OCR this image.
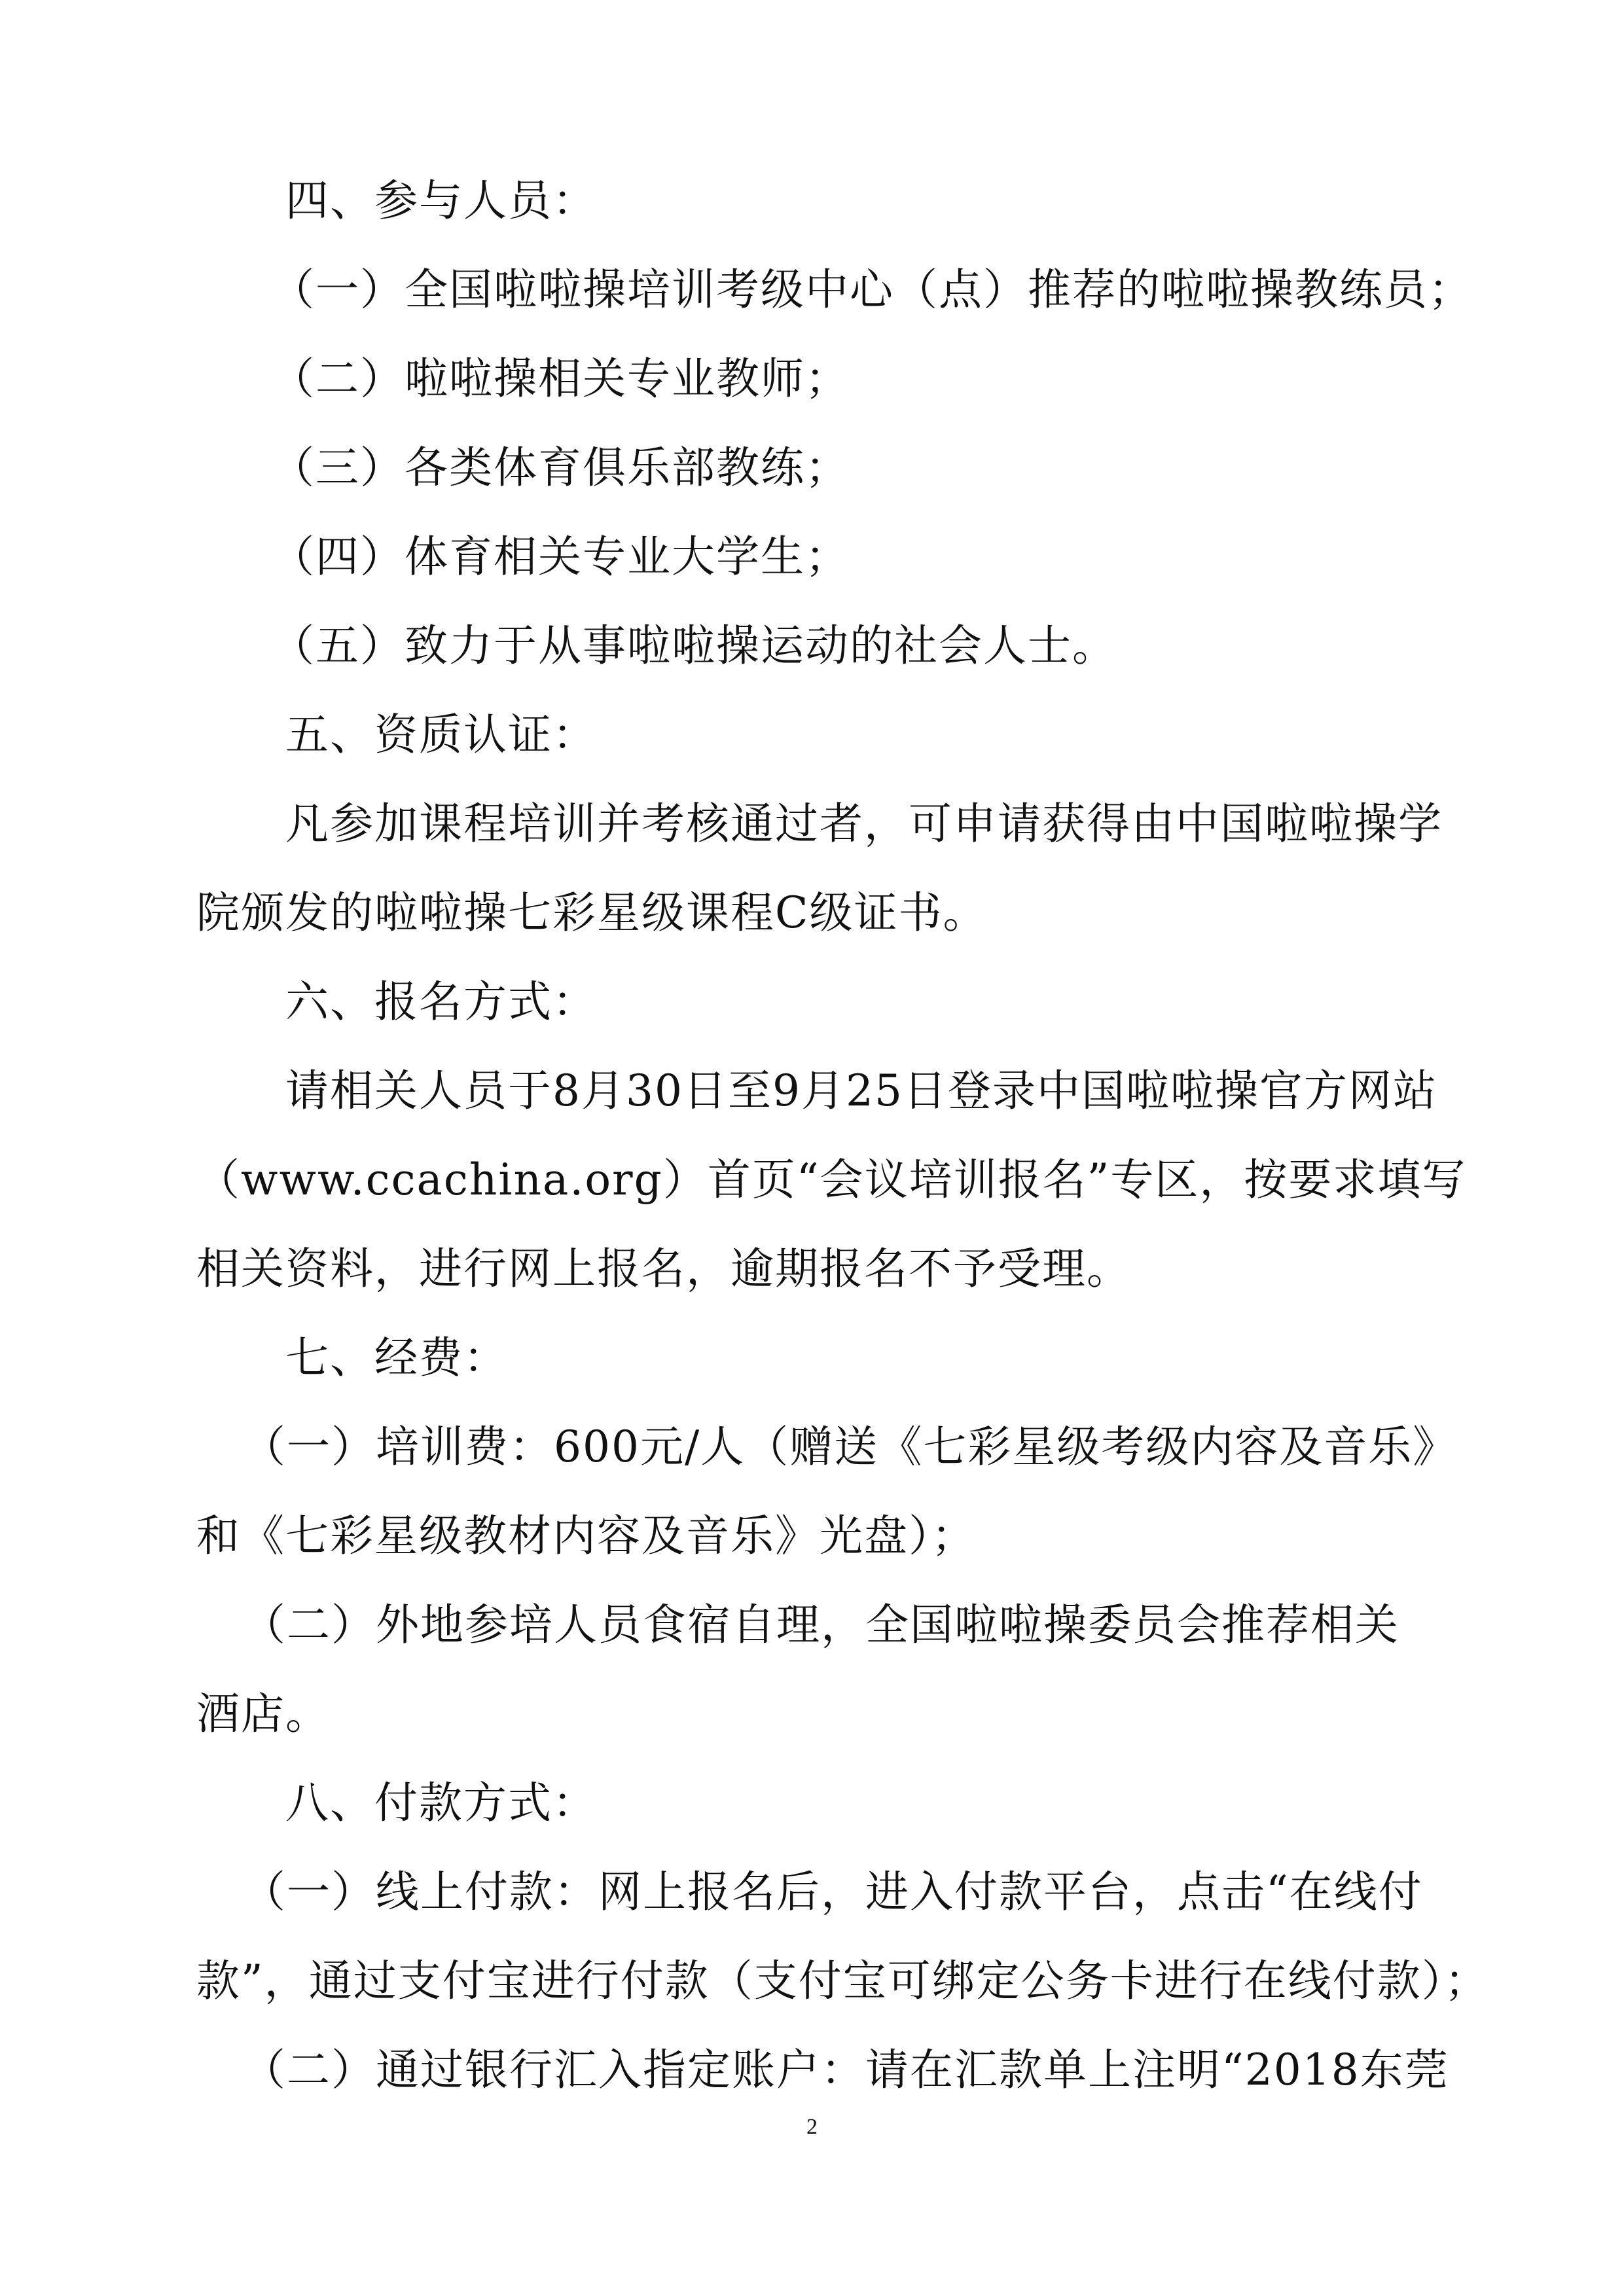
四、参与人员：
（一）全国啦啦操培训考级中心（点）推荐的啦啦操教练员；
（二）啦啦操相关专业教师；
（三）各类体育俱乐部教练；
（四）体育相关专业大学生；
（五）致力于从事啦啦操运动的社会人士。
五、资质认证：
凡参加课程培训并考核通过者，可申请获得由中国啦啦操学
院颁发的啦啦操七彩星级课程C级证书。
六、报名方式：
请相关人员于8月30日至9月25日登录中国啦啦操官方网站
（www.ccachina.org）首页“会议培训报名”专区，按要求填写
相关资料，进行网上报名，逾期报名不予受理。
七、经费：
（一）培训费：600元/人（赠送《七彩星级考级内容及音乐》
和《七彩星级教材内容及音乐》光盘）；
（二）外地参培人员食宿自理，全国啦啦操委员会推荐相关
酒店。
八、付款方式：
（一）线上付款：网上报名后，进入付款平台，点击“在线付
款”，通过支付宝进行付款（支付宝可绑定公务卡进行在线付款）；
（二）通过银行汇入指定账户：请在汇款单上注明“2018东莞
2
